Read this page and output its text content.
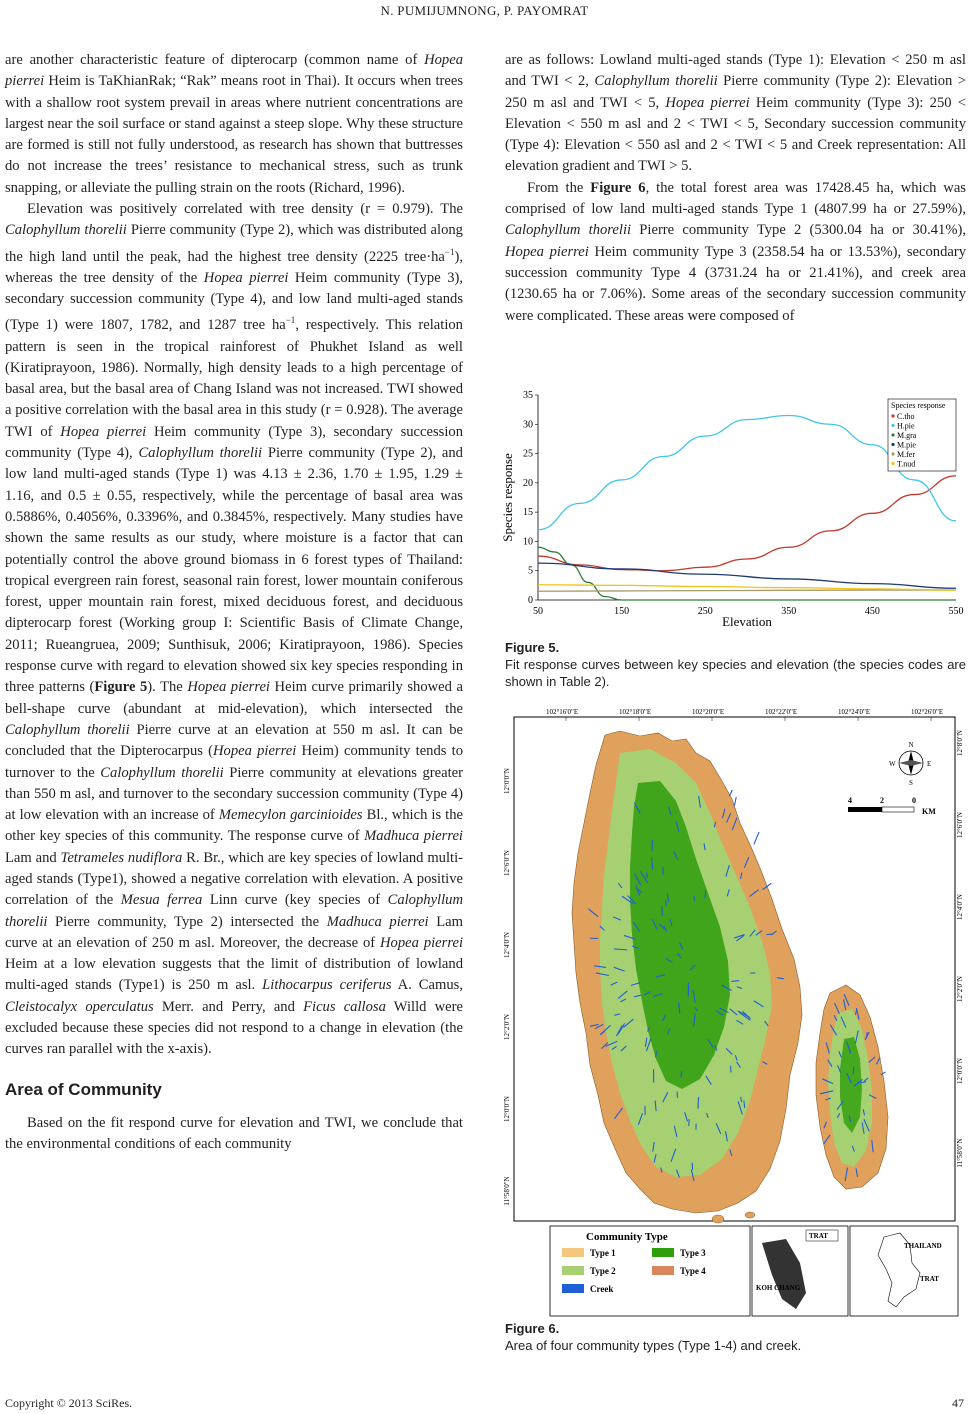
N. PUMIJUMNONG, P. PAYOMRAT

are another characteristic feature of dipterocarp (common name of Hopea pierrei Heim is TaKhianRak; “Rak” means root in Thai). It occurs when trees with a shallow root system prevail in areas where nutrient concentrations are largest near the soil surface or stand against a steep slope. Why these structure are formed is still not fully understood, as research has shown that buttresses do not increase the trees’ resistance to mechanical stress, such as trunk snapping, or alleviate the pulling strain on the roots (Richard, 1996).

Elevation was positively correlated with tree density (r = 0.979). The Calophyllum thorelii Pierre community (Type 2), which was distributed along the high land until the peak, had the highest tree density (2225 $tree\cdot ha^{-1}$), whereas the tree density of the Hopea pierrei Heim community (Type 3), secondary succession community (Type 4), and low land multi-aged stands (Type 1) were 1807, 1782, and 1287 tree $ha^{-1}$, respectively. This relation pattern is seen in the tropical rainforest of Phukhet Island as well (Kiratiprayoon, 1986). Normally, high density leads to a high percentage of basal area, but the basal area of Chang Island was not increased. TWI showed a positive correlation with the basal area in this study (r = 0.928). The average TWI of Hopea pierrei Heim community (Type 3), secondary succession community (Type 4), Calophyllum thorelii Pierre community (Type 2), and low land multi-aged stands (Type 1) was 4.13 ± 2.36, 1.70 ± 1.95, 1.29 ± 1.16, and 0.5 ± 0.55, respectively, while the percentage of basal area was 0.5886%, 0.4056%, 0.3396%, and 0.3845%, respectively. Many studies have shown the same results as our study, where moisture is a factor that can potentially control the above ground biomass in 6 forest types of Thailand: tropical evergreen rain forest, seasonal rain forest, lower mountain coniferous forest, upper mountain rain forest, mixed deciduous forest, and deciduous dipterocarp forest (Working group I: Scientific Basis of Climate Change, 2011; Rueangruea, 2009; Sunthisuk, 2006; Kiratiprayoon, 1986). Species response curve with regard to elevation showed six key species responding in three patterns (Figure 5). The Hopea pierrei Heim curve primarily showed a bell-shape curve (abundant at mid-elevation), which intersected the Calophyllum thorelii Pierre curve at an elevation at 550 m asl. It can be concluded that the Dipterocarpus (Hopea pierrei Heim) community tends to turnover to the Calophyllum thorelii Pierre community at elevations greater than 550 m asl, and turnover to the secondary succession community (Type 4) at low elevation with an increase of Memecylon garcinioides Bl., which is the other key species of this community. The response curve of Madhuca pierrei Lam and Tetrameles nudiflora R. Br., which are key species of lowland multi-aged stands (Type1), showed a negative correlation with elevation. A positive correlation of the Mesua ferrea Linn curve (key species of Calophyllum thorelii Pierre community, Type 2) intersected the Madhuca pierrei Lam curve at an elevation of 250 m asl. Moreover, the decrease of Hopea pierrei Heim at a low elevation suggests that the limit of distribution of lowland multi-aged stands (Type1) is 250 m asl. Lithocarpus ceriferus A. Camus, Cleistocalyx operculatus Merr. and Perry, and Ficus callosa Willd were excluded because these species did not respond to a change in elevation (the curves ran parallel with the x-axis).

Area of Community

Based on the fit respond curve for elevation and TWI, we conclude that the environmental conditions of each community

are as follows: Lowland multi-aged stands (Type 1): Elevation < 250 m asl and TWI < 2, Calophyllum thorelii Pierre community (Type 2): Elevation > 250 m asl and TWI < 5, Hopea pierrei Heim community (Type 3): 250 < Elevation < 550 m asl and 2 < TWI < 5, Secondary succession community (Type 4): Elevation < 550 asl and 2 < TWI < 5 and Creek representation: All elevation gradient and TWI > 5.

From the Figure 6, the total forest area was 17428.45 ha, which was comprised of low land multi-aged stands Type 1 (4807.99 ha or 27.59%), Calophyllum thorelii Pierre community Type 2 (5300.04 ha or 30.41%), Hopea pierrei Heim community Type 3 (2358.54 ha or 13.53%), secondary succession community Type 4 (3731.24 ha or 21.41%), and creek area (1230.65 ha or 7.06%). Some areas of the secondary succession community were complicated. These areas were composed of

0
5
10
15
20
25
30
35
50	150	250	350	450	550
Elevation
Species response
Species response
C.tho
H.pie
M.gra
M.pie
M.fer
T.nud
Figure 5.
Fit response curves between key species and elevation (the species codes are shown in Table 2).
102°16'0"E	102°18'0"E	102°20'0"E	102°22'0"E	102°24'0"E	102°26'0"E
12°0'0"N
12°6'0"N
12°4'0"N
12°2'0"N
12°0'0"N
11°58'0"N
12°8'0"N
12°6'0"N
12°4'0"N
12°2'0"N
12°0'0"N
11°58'0"N
N
S
E
W
4	2	0
KM
Community Type
Type 1	Type 3
Type 2	Type 4
Creek
TRAT
KOH CHANG
THAILAND
TRAT
Figure 6.
Area of four community types (Type 1-4) and creek.
Copyright © 2013 SciRes.	47
